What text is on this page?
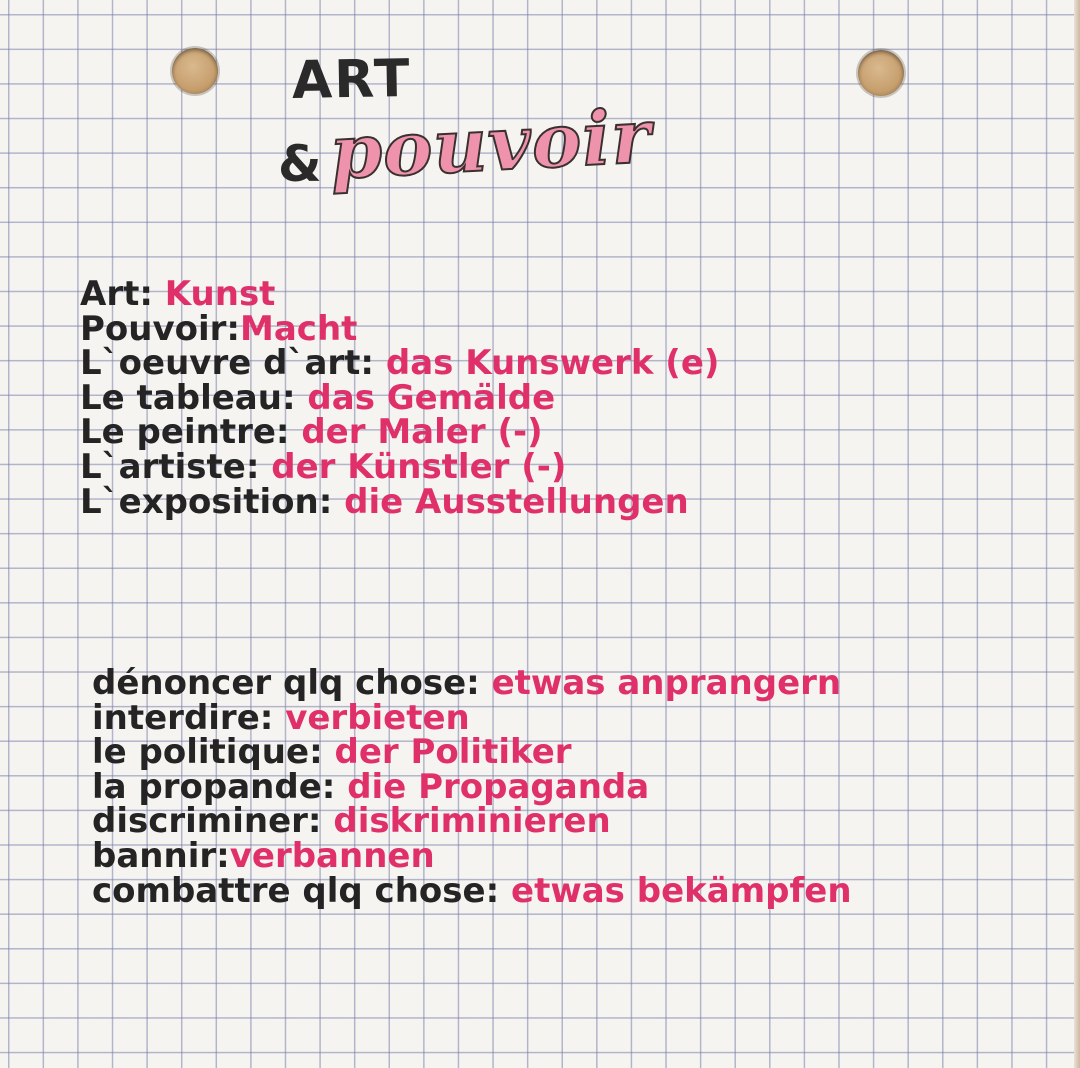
ART
& pouvoir
Art: Kunst
Pouvoir:Macht
L`oeuvre d`art: das Kunswerk (e)
Le tableau: das Gemälde
Le peintre: der Maler (-)
L`artiste: der Künstler (-)
L`exposition: die Ausstellungen
dénoncer qlq chose: etwas anprangern
interdire: verbieten
le politique: der Politiker
la propande: die Propaganda
discriminer: diskriminieren
bannir:verbannen
combattre qlq chose: etwas bekämpfen
